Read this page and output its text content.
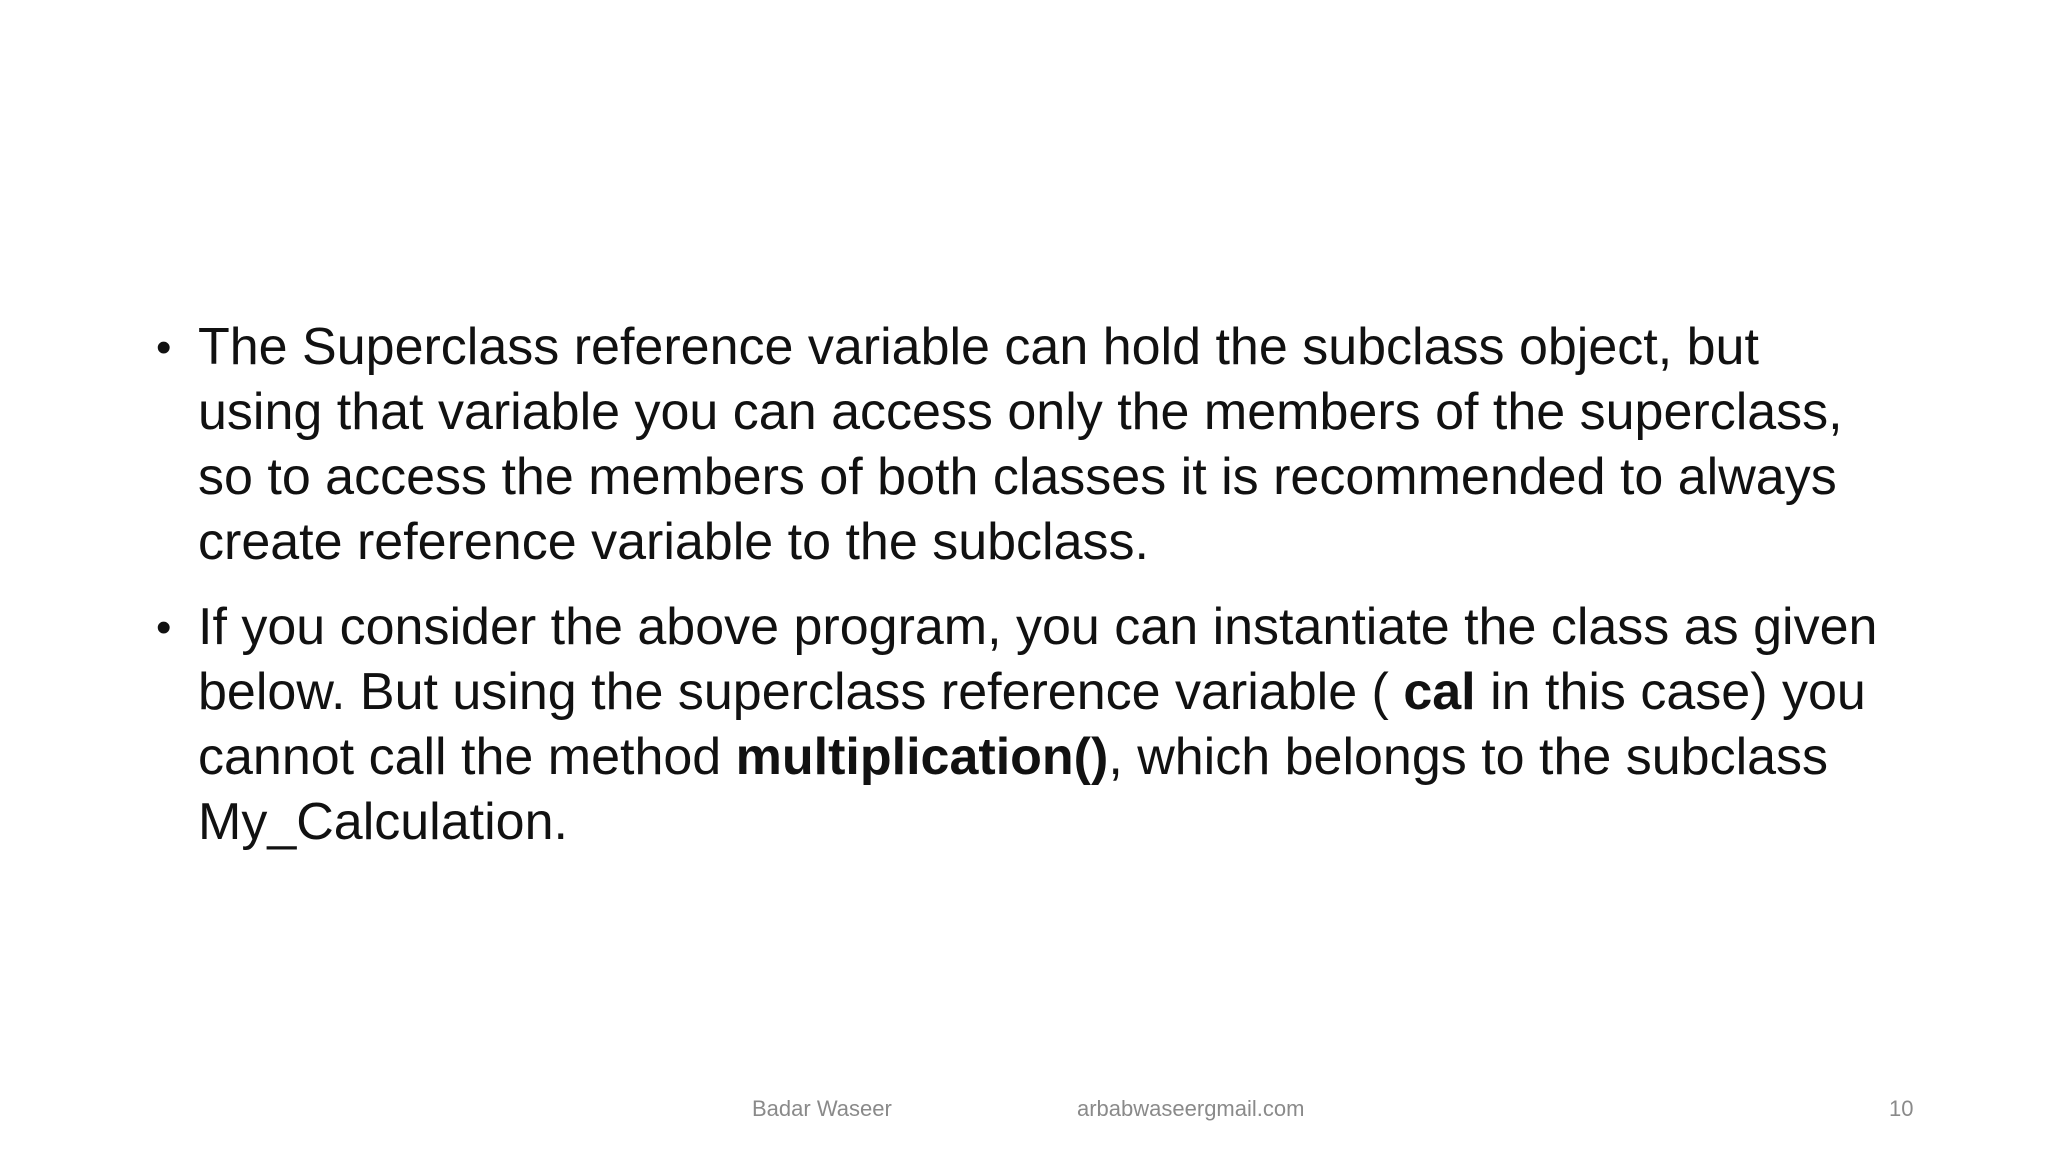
• The Superclass reference variable can hold the subclass object, but using that variable you can access only the members of the superclass, so to access the members of both classes it is recommended to always create reference variable to the subclass.
• If you consider the above program, you can instantiate the class as given below. But using the superclass reference variable ( cal in this case) you cannot call the method multiplication(), which belongs to the subclass My_Calculation.
Badar Waseer	arbabwaseergmail.com	10
